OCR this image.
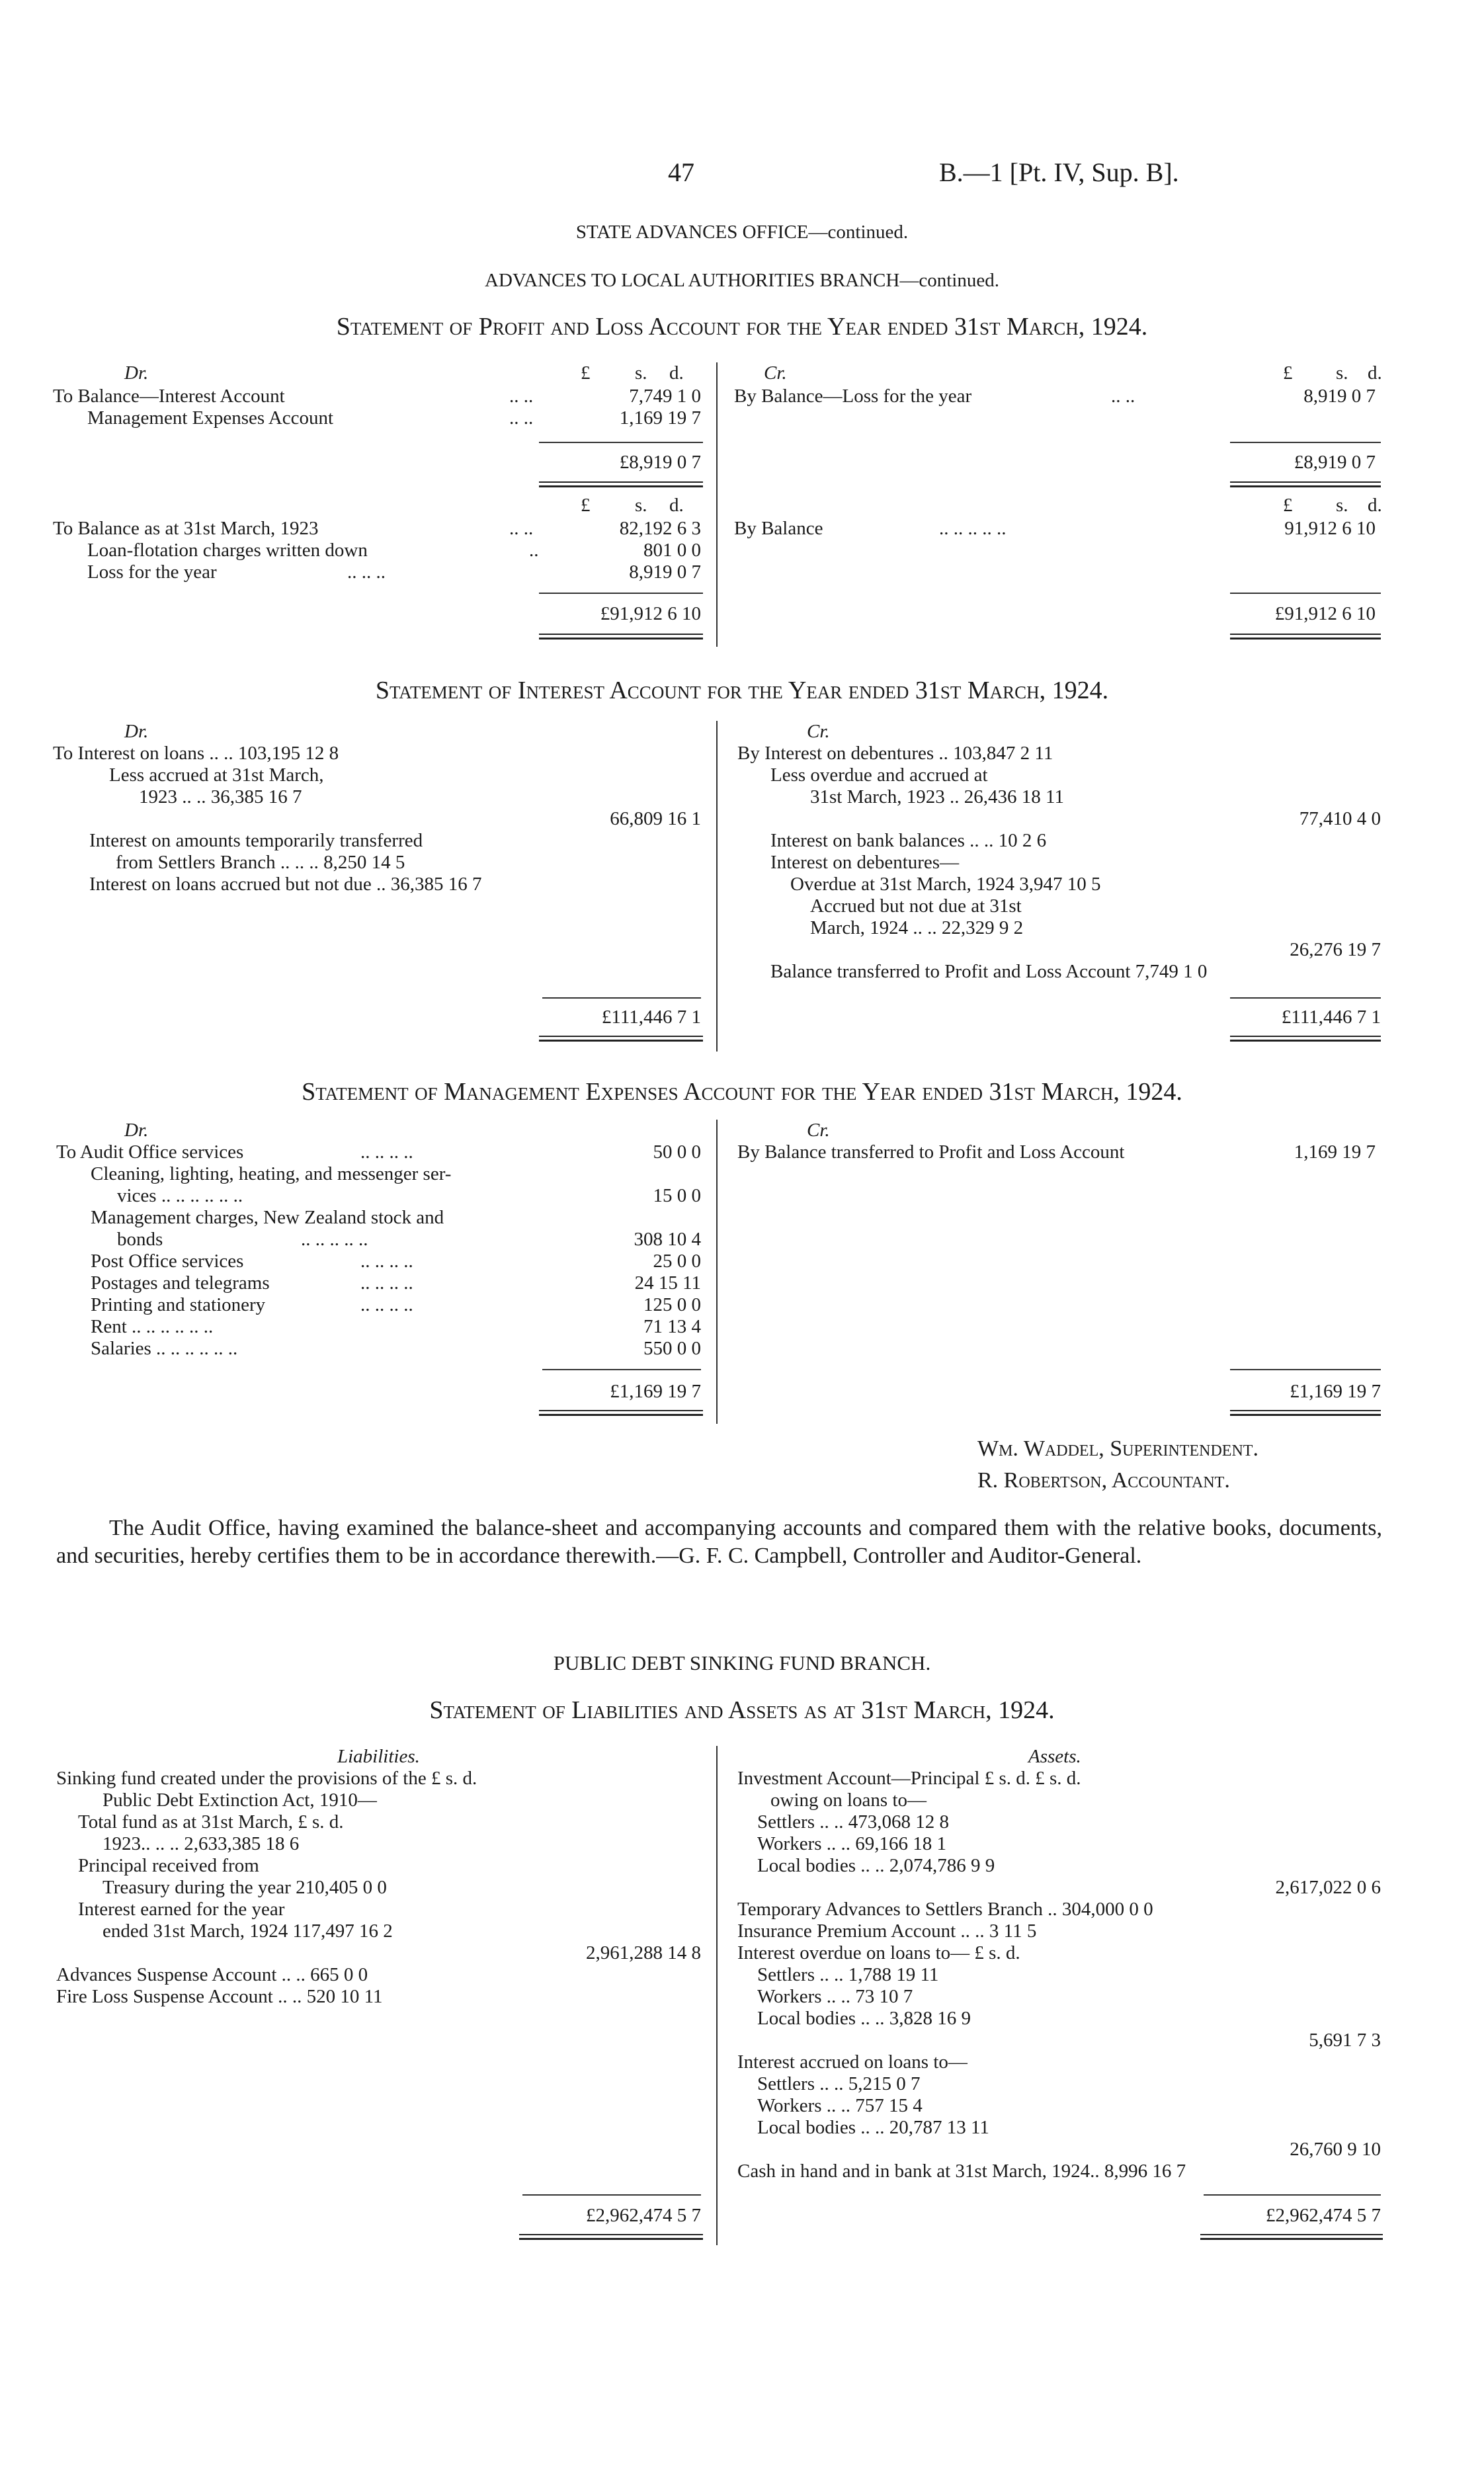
47	B.—1 [Pt. IV, Sup. B].
STATE ADVANCES OFFICE—continued.
ADVANCES TO LOCAL AUTHORITIES BRANCH—continued.
Statement of Profit and Loss Account for the Year ended 31st March, 1924.
Dr.	Cr.
£ s. d.	£ s. d.
To Balance—Interest Account	.. ..	7,749 1 0
Management Expenses Account	.. ..	1,169 19 7
By Balance—Loss for the year	.. ..	8,919 0 7
£8,919 0 7	£8,919 0 7
£ s. d.	£ s. d.
To Balance as at 31st March, 1923	.. ..	82,192 6 3
Loan-flotation charges written down	..	801 0 0
Loss for the year	.. .. ..	8,919 0 7
By Balance	.. .. .. .. ..	91,912 6 10
£91,912 6 10	£91,912 6 10
Statement of Interest Account for the Year ended 31st March, 1924.
Dr.	Cr.
To Interest on loans .. .. 103,195 12 8
Less accrued at 31st March,
1923 .. .. 36,385 16 7
66,809 16 1
Interest on amounts temporarily transferred
from Settlers Branch .. .. .. 8,250 14 5
Interest on loans accrued but not due .. 36,385 16 7
£111,446 7 1
By Interest on debentures .. 103,847 2 11
Less overdue and accrued at
31st March, 1923 .. 26,436 18 11
77,410 4 0
Interest on bank balances .. .. 10 2 6
Interest on debentures—
Overdue at 31st March, 1924 3,947 10 5
Accrued but not due at 31st
March, 1924 .. .. 22,329 9 2
26,276 19 7
Balance transferred to Profit and Loss Account 7,749 1 0
£111,446 7 1
Statement of Management Expenses Account for the Year ended 31st March, 1924.
Dr.	Cr.
To Audit Office services	.. .. .. ..	50 0 0
Cleaning, lighting, heating, and messenger ser-
vices .. .. .. .. .. ..	15 0 0
Management charges, New Zealand stock and
bonds	.. .. .. .. ..	308 10 4
Post Office services	.. .. .. ..	25 0 0
Postages and telegrams	.. .. .. ..	24 15 11
Printing and stationery	.. .. .. ..	125 0 0
Rent .. .. .. .. .. ..	71 13 4
Salaries .. .. .. .. .. ..	550 0 0
By Balance transferred to Profit and Loss Account	1,169 19 7
£1,169 19 7	£1,169 19 7
Wm. Waddel, Superintendent.
R. Robertson, Accountant.
The Audit Office, having examined the balance-sheet and accompanying accounts and compared them with the relative books, documents, and securities, hereby certifies them to be in accordance therewith.—G. F. C. Campbell, Controller and Auditor-General.
PUBLIC DEBT SINKING FUND BRANCH.
Statement of Liabilities and Assets as at 31st March, 1924.
Liabilities.	Assets.
Sinking fund created under the provisions of the £ s. d.
Public Debt Extinction Act, 1910—
Total fund as at 31st March, £ s. d.
1923.. .. .. 2,633,385 18 6
Principal received from
Treasury during the year 210,405 0 0
Interest earned for the year
ended 31st March, 1924 117,497 16 2
2,961,288 14 8
Advances Suspense Account .. .. 665 0 0
Fire Loss Suspense Account .. .. 520 10 11
£2,962,474 5 7
Investment Account—Principal £ s. d. £ s. d.
owing on loans to—
Settlers .. .. 473,068 12 8
Workers .. .. 69,166 18 1
Local bodies .. .. 2,074,786 9 9
2,617,022 0 6
Temporary Advances to Settlers Branch .. 304,000 0 0
Insurance Premium Account .. .. 3 11 5
Interest overdue on loans to— £ s. d.
Settlers .. .. 1,788 19 11
Workers .. .. 73 10 7
Local bodies .. .. 3,828 16 9
5,691 7 3
Interest accrued on loans to—
Settlers .. .. 5,215 0 7
Workers .. .. 757 15 4
Local bodies .. .. 20,787 13 11
26,760 9 10
Cash in hand and in bank at 31st March, 1924.. 8,996 16 7
£2,962,474 5 7
